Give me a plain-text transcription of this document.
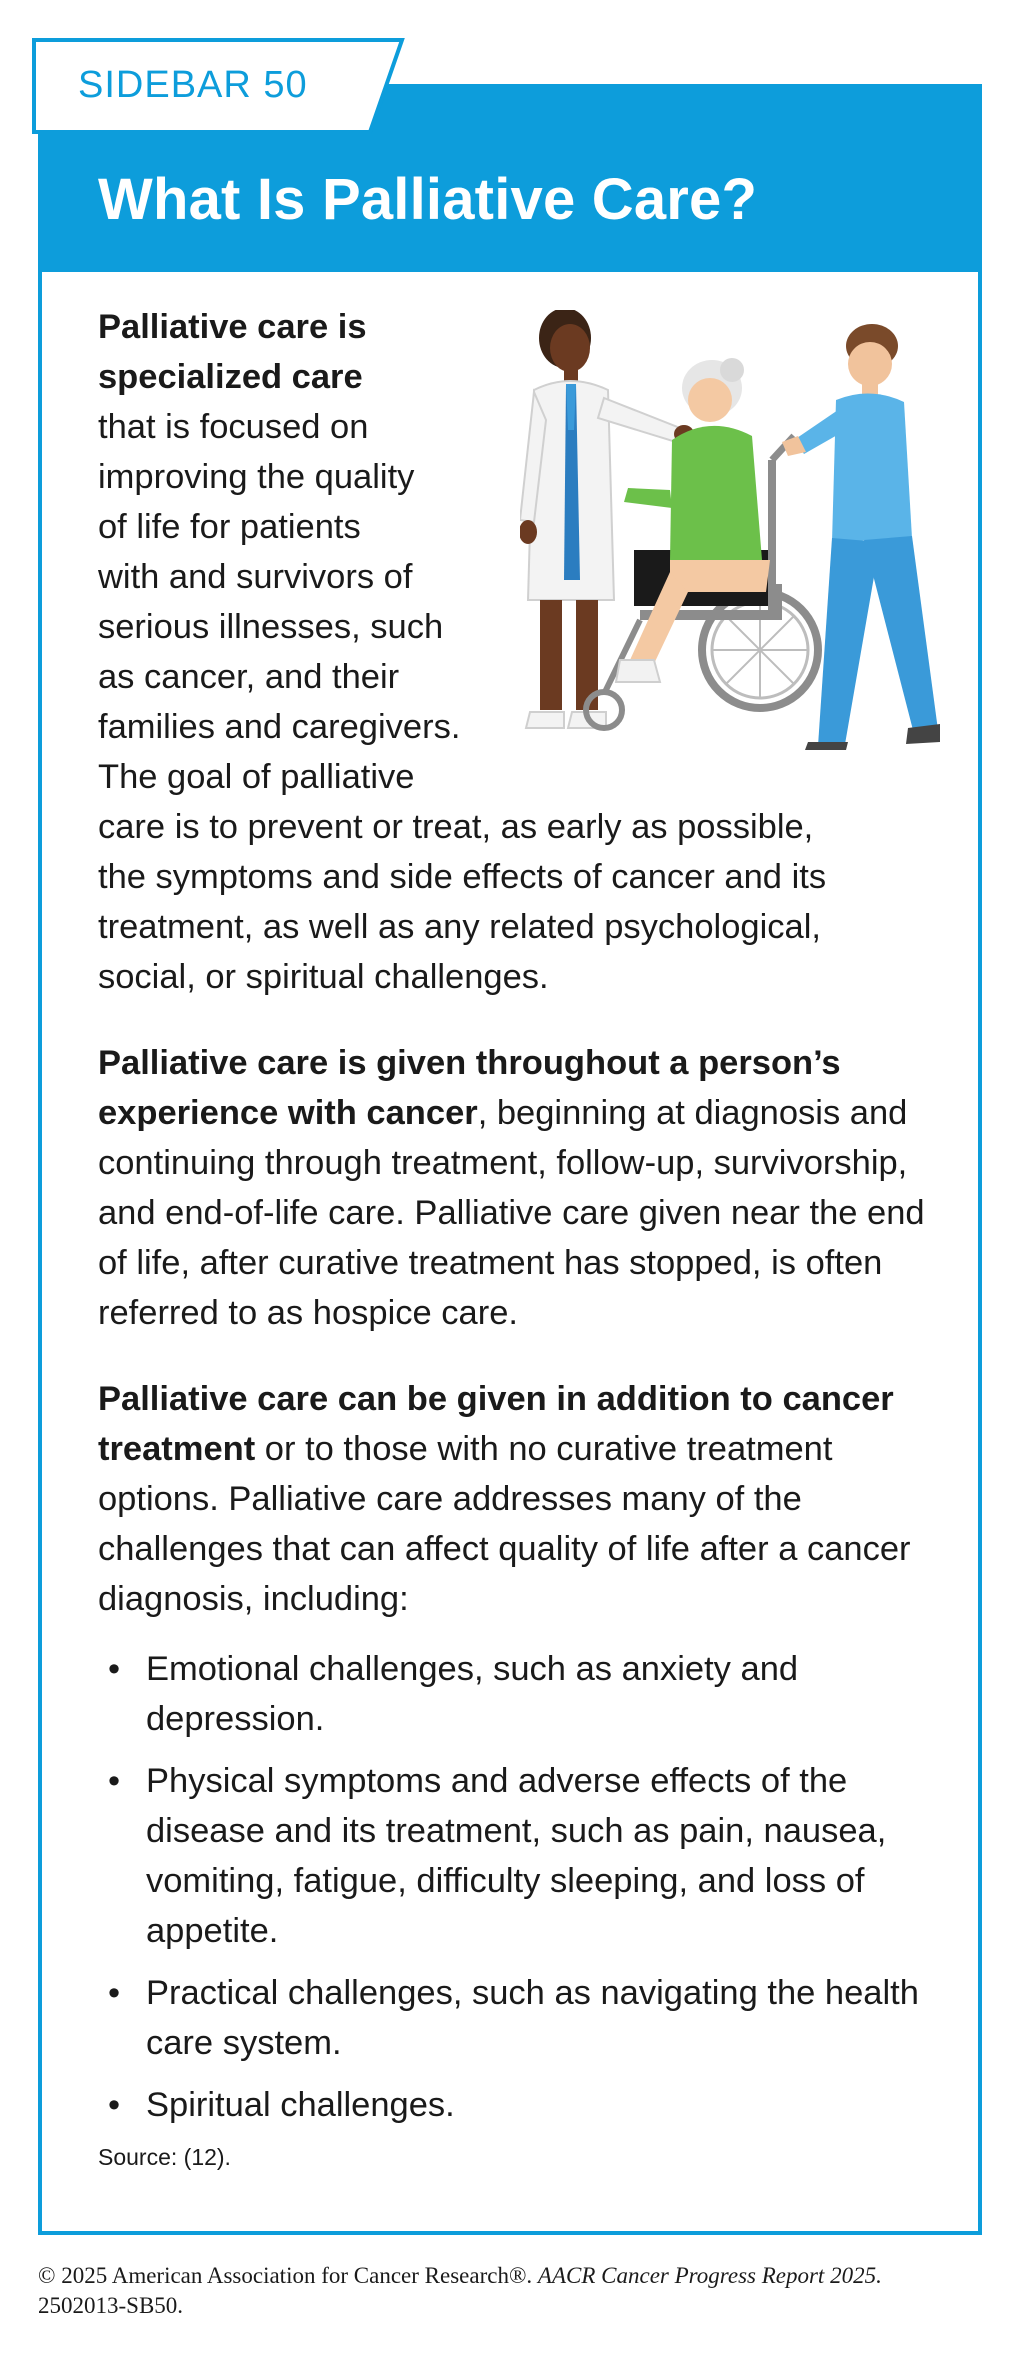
SIDEBAR 50
What Is Palliative Care?
Palliative care is
specialized care
that is focused on
improving the quality
of life for patients
with and survivors of
serious illnesses, such
as cancer, and their
families and caregivers.
The goal of palliative
care is to prevent or treat, as early as possible,
the symptoms and side effects of cancer and its
treatment, as well as any related psychological,
social, or spiritual challenges.

Palliative care is given throughout a person’s experience with cancer, beginning at diagnosis and continuing through treatment, follow-up, survivorship, and end-of-life care. Palliative care given near the end of life, after curative treatment has stopped, is often referred to as hospice care.

Palliative care can be given in addition to cancer treatment or to those with no curative treatment options. Palliative care addresses many of the challenges that can affect quality of life after a cancer diagnosis, including:

• Emotional challenges, such as anxiety and depression.
• Physical symptoms and adverse effects of the disease and its treatment, such as pain, nausea, vomiting, fatigue, difficulty sleeping, and loss of appetite.
• Practical challenges, such as navigating the health care system.
• Spiritual challenges.

Source: (12).

© 2025 American Association for Cancer Research®. AACR Cancer Progress Report 2025.
2502013-SB50.
